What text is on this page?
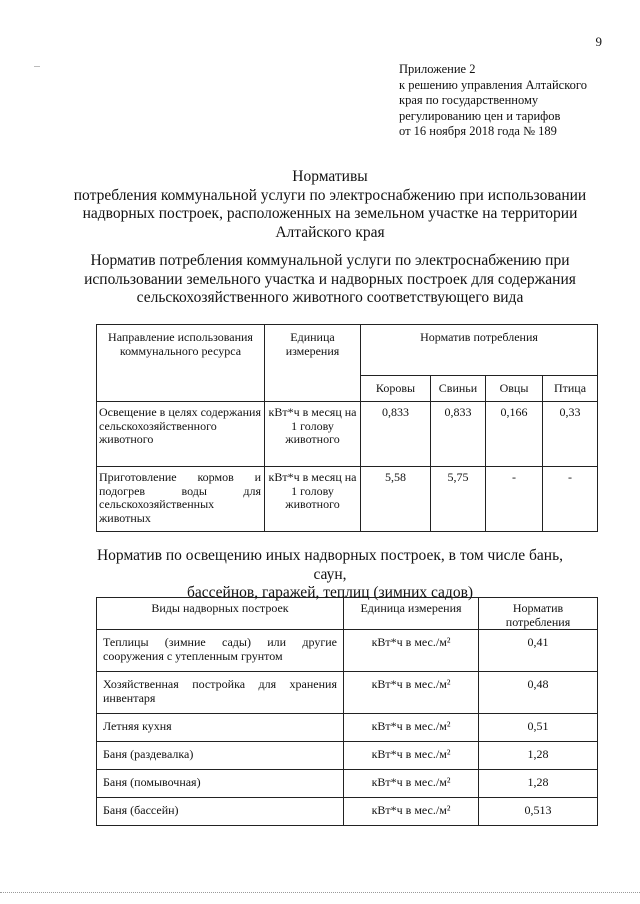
9
Приложение 2
к решению управления Алтайского
края по государственному
регулированию цен и тарифов
от 16 ноября 2018 года № 189
Нормативы
потребления коммунальной услуги по электроснабжению при использовании
надворных построек, расположенных на земельном участке на территории
Алтайского края
Норматив потребления коммунальной услуги по электроснабжению при
использовании земельного участка и надворных построек для содержания
сельскохозяйственного животного соответствующего вида
Направление использования коммунального ресурса	Единица измерения	Норматив потребления			
		Коровы	Свиньи	Овцы	Птица
Освещение в целях содержания сельскохозяйственного животного	кВт*ч в месяц на 1 голову животного	0,833	0,833	0,166	0,33
Приготовление кормов и подогрев воды для сельскохозяйственных животных	кВт*ч в месяц на 1 голову животного	5,58	5,75	-	-
Норматив по освещению иных надворных построек, в том числе бань, саун,
бассейнов, гаражей, теплиц (зимних садов)
Виды надворных построек	Единица измерения	Норматив потребления
Теплицы (зимние сады) или другие сооружения с утепленным грунтом	кВт*ч в мес./м²	0,41
Хозяйственная постройка для хранения инвентаря	кВт*ч в мес./м²	0,48
Летняя кухня	кВт*ч в мес./м²	0,51
Баня (раздевалка)	кВт*ч в мес./м²	1,28
Баня (помывочная)	кВт*ч в мес./м²	1,28
Баня (бассейн)	кВт*ч в мес./м²	0,513
